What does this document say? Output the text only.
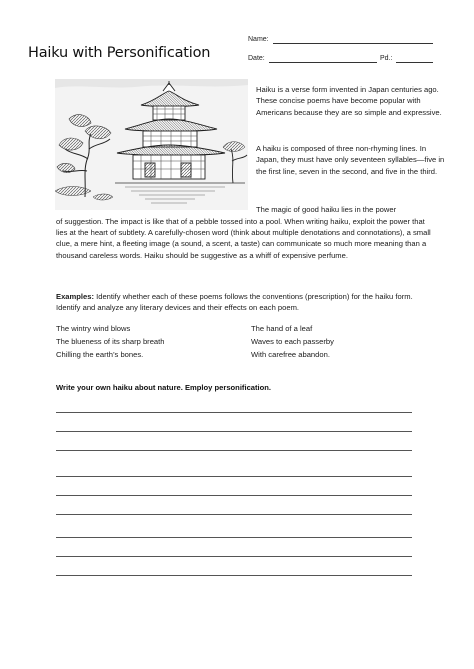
Name:
Date:	Pd.:
Haiku with Personification

Haiku is a verse form invented in Japan centuries ago. These concise poems have become popular with Americans because they are so simple and expressive.

A haiku is composed of three non-rhyming lines. In Japan, they must have only seventeen syllables—five in the first line, seven in the second, and five in the third.

The magic of good haiku lies in the power

of suggestion. The impact is like that of a pebble tossed into a pool. When writing haiku, exploit the power that lies at the heart of subtlety. A carefully-chosen word (think about multiple denotations and connotations), a small clue, a mere hint, a fleeting image (a sound, a scent, a taste) can communicate so much more meaning than a thousand careless words. Haiku should be suggestive as a whiff of expensive perfume.

Examples: Identify whether each of these poems follows the conventions (prescription) for the haiku form. Identify and analyze any literary devices and their effects on each poem.

The wintry wind blows
The blueness of its sharp breath
Chilling the earth’s bones.
The hand of a leaf
Waves to each passerby
With carefree abandon.

Write your own haiku about nature. Employ personification.
